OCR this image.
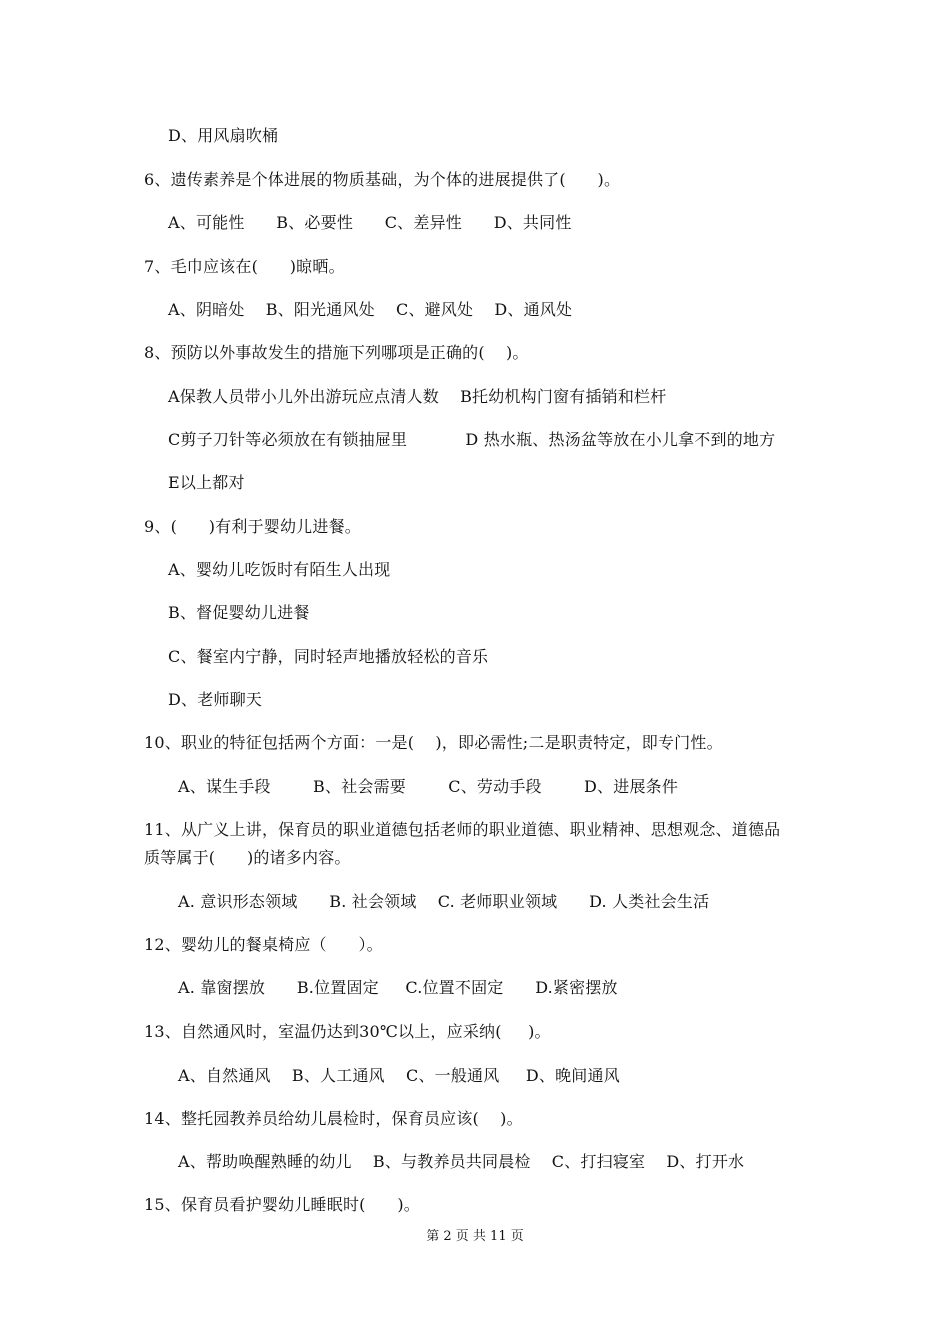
D、用风扇吹桶
6、遗传素养是个体进展的物质基础，为个体的进展提供了(      )。
A、可能性      B、必要性      C、差异性      D、共同性
7、毛巾应该在(      )晾晒。
A、阴暗处    B、阳光通风处    C、避风处    D、通风处
8、预防以外事故发生的措施下列哪项是正确的(    )。
A保教人员带小儿外出游玩应点清人数    B托幼机构门窗有插销和栏杆
C剪子刀针等必须放在有锁抽屉里           D 热水瓶、热汤盆等放在小儿拿不到的地方
E以上都对
9、(      )有利于婴幼儿进餐。
A、婴幼儿吃饭时有陌生人出现
B、督促婴幼儿进餐
C、餐室内宁静，同时轻声地播放轻松的音乐
D、老师聊天
10、职业的特征包括两个方面：一是(    )，即必需性;二是职责特定，即专门性。
A、谋生手段        B、社会需要        C、劳动手段        D、进展条件
11、从广义上讲，保育员的职业道德包括老师的职业道德、职业精神、思想观念、道德品
质等属于(      )的诸多内容。
A. 意识形态领域      B. 社会领域    C. 老师职业领域      D. 人类社会生活
12、婴幼儿的餐桌椅应（      ）。
A. 靠窗摆放      B.位置固定     C.位置不固定      D.紧密摆放
13、自然通风时，室温仍达到30℃以上，应采纳(     )。
A、自然通风    B、人工通风    C、一般通风     D、晚间通风
14、整托园教养员给幼儿晨检时，保育员应该(    )。
A、帮助唤醒熟睡的幼儿    B、与教养员共同晨检    C、打扫寝室    D、打开水
15、保育员看护婴幼儿睡眠时(      )。
第 2 页 共 11 页
